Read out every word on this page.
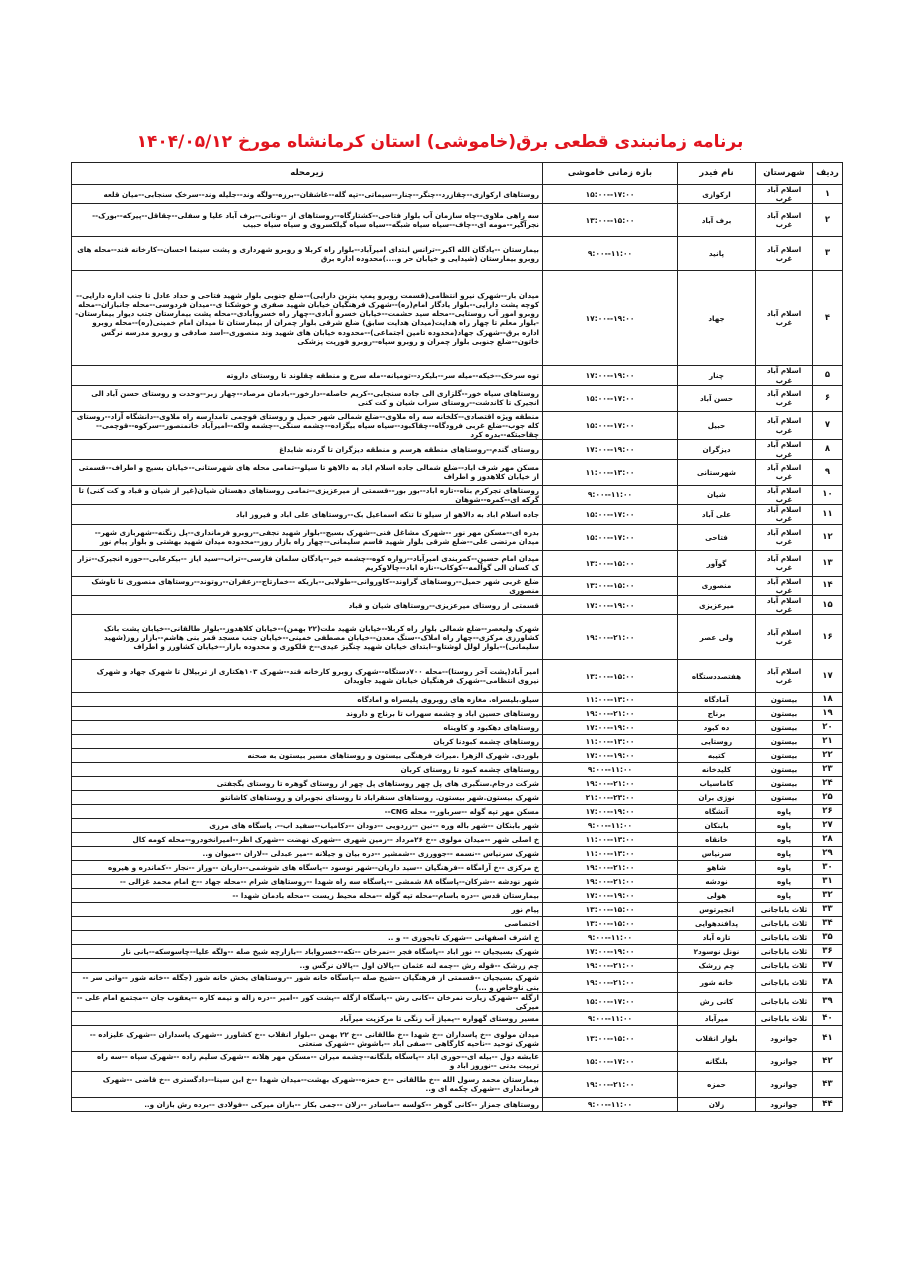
برنامه زمانبندی قطعی برق(خاموشی) استان کرمانشاه مورخ ۱۴۰۴/۰۵/۱۲
ردیف	شهرستان	نام فیدر	بازه زمانی خاموشی	زیرمحله
۱	اسلام آباد غرب	ارکوازی	۱۵:۰۰--۱۷:۰۰	روستاهای ارکوازی--چقازرد--چنگر--چنار--سیماتی--تپه گله--غاشقان--برزه--ولگه وند--جلیله وند--سرخک سنجابی--میان قلعه
۲	اسلام آباد غرب	برف آباد	۱۳:۰۰--۱۵:۰۰	سه راهی ملاوی--چاه سازمان آب بلوار فتاحی--کشتارگاه--روستاهای از --وناتی--برف آباد علیا و سفلی--چقاقل--پیرکه--بورک--نجرآگیر--مومه ای--چاف--سیاه سیاه شبگه--سیاه سیاه گیلکسروی و سیاه سیاه حبیب
۳	اسلام آباد غرب	پانید	۹:۰۰--۱۱:۰۰	بیمارستان --یادگان الله اکبر--ترانس ابتدای امیرآباد--بلوار راه کربلا و روبرو شهرداری و پشت سینما احسان--کارخانه قند--محله های روبرو بیمارستان (شیدایی و خیابان حر و....)محدوده اداره برق
۴	اسلام آباد غرب	جهاد	۱۷:۰۰--۱۹:۰۰	میدان بار--شهرک نیرو انتظامی(قسمت روبرو پمپ بنزین دارایی)--ضلع جنوبی بلوار شهید فتاحی و حداد عادل تا جنب اداره دارایی--کوچه پشت دارایی--بلوار یادگار امام(ره)--شهرک فرهنگیان خیابان شهید صفری و خوشکنا ی--میدان فردوسی--محله جانبازان--محله روبرو امور آب روستایی--محله سید حشمت--خیابان خسرو آبادی--چهار راه خسروآبادی--محله پشت بیمارستان جنب دیوار بیمارستان--بلوار معلم تا چهار راه هدایت(میدان هدایت سابق) ضلع شرقی بلوار چمران از بیمارستان تا میدان امام خمینی(ره)--محله روبرو اداره برق--شهرک جهاد(محدوده تامین اجتماعی)--محدوده خیابان های شهید وند منصوری--اسد صادقی و روبرو مدرسه نرگس خاتون--ضلع جنوبی بلوار چمران و روبرو سپاه--روبرو فوریت پزشکی
۵	اسلام آباد غرب	چنار	۱۷:۰۰--۱۹:۰۰	توه سرخک--خیکه--میله سر--بلیکرد--تومیانه--مله سرخ و منطقه چقلوند تا روستای داروته
۶	اسلام آباد غرب	حسن آباد	۱۵:۰۰--۱۷:۰۰	روستاهای سیاه خور--گلزاری الی جاده سنجابی--کریم حاصله--دارخور--بادمان مرصاد--چهار زبر--وحدت و روستای حسن آباد الی انجیرک تا کاندشت--روستای سراب شیان و کت کنی
۷	اسلام آباد غرب	حبیل	۱۵:۰۰--۱۷:۰۰	منطقه ویژه اقتصادی--کلخانه سه راه ملاوی--ضلع شمالی شهر حمیل و روستای قوچمی تامدارسه راه ملاوی--دانشگاه آزاد--روستای کله جوب--ضلع غربی فرودگاه--چقاکبود--سیاه سیاه بیگزاده--چشمه سنگی--چشمه ولکه--امیرآباد خانمنصور--سرکوه--قوچمی--چقاحبتکه--بدره کرد
۸	اسلام آباد غرب	دیزگران	۱۷:۰۰--۱۹:۰۰	روستای گندم--روستاهای منطقه هرسم و منطقه دیزگران تا گردنه شابداغ
۹	اسلام آباد غرب	شهرستانی	۱۱:۰۰--۱۳:۰۰	مسکن مهر شرف اباد--ضلع شمالی جاده اسلام اباد به دالاهو تا سیلو--تمامی محله های شهرستانی--خیابان بسیج و اطراف--قسمتی از خیابان کلاهدوز و اطراف
۱۰	اسلام آباد غرب	شیان	۹:۰۰--۱۱:۰۰	روستاهای تجرکرم بناه--تازه اباد--بور بور--قسمتی از میرعزیزی--تمامی روستاهای دهستان شیان(غیر از شیان و قباد و کت کنی) تا گرکه ای--کمره--شوهان
۱۱	اسلام آباد غرب	علی آباد	۱۵:۰۰--۱۷:۰۰	جاده اسلام اباد به دالاهو از سیلو تا تنکه اسماعیل بک--روستاهای علی اباد و فیروز اباد
۱۲	اسلام آباد غرب	فتاحی	۱۵:۰۰--۱۷:۰۰	بدره ای--مسکن مهر نور --شهرک مشاغل فنی--شهرک بسیج--بلوار شهید نجفی--روبرو فرمانداری--پل زنگنه--شهربازی شهر--میدان مرتضی علی--ضلع شرقی بلوار شهید قاسم سلیمانی--چهار راه بازار روز--محدوده میدان شهید بهشتی و بلوار پیام نور
۱۳	اسلام آباد غرب	گوآور	۱۳:۰۰--۱۵:۰۰	میدان امام حسین--کمربندی امیرآباد--زواره کوه--چشمه خیر--پادگان سلمان فارسی--تراب--سید ایاز --بیکرعابی--حوزه انجیرک--نزار ک کسان الی گوآلمه--کوکاب--نازه اباد--چالاوکریم
۱۴	اسلام آباد غرب	منصوری	۱۳:۰۰--۱۵:۰۰	ضلع غربی شهر حمیل--روستاهای گراوند--کاوروانی--طولابی--باریکه --خمارتاج--زعفران--روتوند--روستاهای منصوری تا تاوشک منصوری
۱۵	اسلام آباد غرب	میرعزیزی	۱۷:۰۰--۱۹:۰۰	قسمتی از روستای میرعزیزی--روستاهای شیان و قباد
۱۶	اسلام آباد غرب	ولی عصر	۱۹:۰۰--۲۱:۰۰	شهرک ولیعصر--ضلع شمالی بلوار راه کربلا--خیابان شهید ملت(۲۲ بهمن)--خیابان کلاهدوز--بلوار طالقانی--خیابان پشت بانک کشاورزی مرکزی--چهار راه املاک--سنگ معدن--خیابان مصطفی خمینی--خیابان جنب مسجد قمر بنی هاشم--بازار روز(شهید سلیمانی)--بلوار لولل لوشتاو--ابتدای خیابان شهید چنگیز عیدی--خ فلکوری و محدوده بازار--خیابان کشاورز و اطراف
۱۷	اسلام آباد غرب	هفتصددستگاه	۱۳:۰۰--۱۵:۰۰	امیر آباد(پشت آخر روستا)--محله ۷۰۰دستگاه--شهرک روبرو کارخانه قند--شهرک ۱۰۳هکتاری از تربیلال تا شهرک جهاد و شهرک نیروی انتظامی--شهرک فرهنگیان خیابان شهید جاویدان
۱۸	بیستون	آمادگاه	۱۱:۰۰--۱۳:۰۰	سیلو.بلیسراه. مغازه های روبروی پلیسراه و امادگاه
۱۹	بیستون	برناج	۱۹:۰۰--۲۱:۰۰	روستاهای حسین اباد و چشمه سهراب تا برناج و داروند
۲۰	بیستون	ده کبود	۱۷:۰۰--۱۹:۰۰	روستاهای دهکبود و کاویناه
۲۱	بیستون	روستایی	۱۱:۰۰--۱۳:۰۰	روستاهای چشمه کبودنا کربان
۲۲	بیستون	کتیبه	۱۷:۰۰--۱۹:۰۰	بلوردی. شهرک الزهرا .میراث فرهنگی بیستون و روستاهای مسیر بیستون به صحنه
۲۳	بیستون	کلیدخانه	۹:۰۰--۱۱:۰۰	روستاهای چشمه کبود تا روستای کربان
۲۴	بیستون	کاماسیاب	۱۹:۰۰--۲۱:۰۰	شرکت درجام.سنگبری های پل چهر روستاهای پل چهر از روستای گوهره تا روستای بگجفتی
۲۵	بیستون	نوژی بران	۲۱:۰۰--۲۳:۰۰	شهرک بیستون.شهر بیستون. روستاهای سنقراباد تا روستای نجوبران و روستاهای کاشانتو
۲۶	پاوه	آتشگاه	۱۷:۰۰--۱۹:۰۰	مسکن مهر تپه گوله --سرباور-- محله CNG--
۲۷	پاوه	بابنکان	۹:۰۰--۱۱:۰۰	شهر بابنکان --شهر باله وره --نین --زردویی --دودان --دکامیاب--سفید اب--. پاسگاه های مرزی
۲۸	پاوه	خانقاه	۱۱:۰۰--۱۳:۰۰	خ اصلی شهر --میدان مولوی --خ ۲۶مرداد --زمین شهری --شهرک نهضت --شهرک اظر--امیرانخودرو--محله کومه کال
۲۹	پاوه	سرنیاس	۱۱:۰۰--۱۳:۰۰	شهرک سرنیاس --نسمه --جوورزی --شمشیر --دره بیان و جیلانه --میر عبدلی --لاران --میوان و..
۳۰	پاوه	شاهو	۱۹:۰۰--۲۱:۰۰	خ مرکزی --خ آرامگاه --فرهنگیان --سید داریان--شهر نوسود --پاسگاه های شوشمی--داریان --وراز --نجار --کماندره و هیروه
۳۱	پاوه	نودشه	۱۹:۰۰--۲۱:۰۰	شهر نودشه --شرکان--پاسگاه ۸۸ شمشی --پاسگاه سه راه شهدا --روستاهای شرام --محله جهاد --خ امام محمد غزالی --
۳۲	پاوه	هولی	۱۷:۰۰--۱۹:۰۰	بیمارستان قدس --دره باسام--محله تپه گوله --محله محیط زیست --محله بادمان شهدا --
۳۳	ثلاث باباجانی	انجیرتوس	۱۳:۰۰--۱۵:۰۰	پیام نور
۳۴	ثلاث باباجانی	پدافندهوایی	۱۳:۰۰--۱۵:۰۰	اختصاصی
۳۵	ثلاث باباجانی	تازه آباد	۹:۰۰--۱۱:۰۰	خ اشرف اصفهانی --شهرک تایجوزی -- و ..
۳۶	ثلاث باباجانی	نونل نوسود۲	۱۷:۰۰--۱۹:۰۰	شهرک بسیجیان -- نور اباد --پاسگاه فجر --نمرخان --تکه--خسرواباد --بازارچه شیخ صله --ولگه علیا--چاسوسکه--بانی نار
۳۷	ثلاث باباجانی	چم زرشک	۱۹:۰۰--۲۱:۰۰	چم زرشک --قوله رش --چمه لنه عثمان --پالان اول --پالان نرگس و..
۳۸	ثلاث باباجانی	خانه شور	۱۹:۰۰--۲۱:۰۰	شهرک بسیجیان --قسمتی از فرهنگیان --شیخ صله --پاسگاه خانه شور --روستاهای بخش خانه شور (جگله --خانه شور --وانی سر --بنی ناوخاص و ...)
۳۹	ثلاث باباجانی	کانی رش	۱۵:۰۰--۱۷:۰۰	ازگله --شهرک زیارت نمرخان --کانی رش --پاسگاه ازگله --پشت کور --امیر --دره زاله و نیمه کاره --یعقوب جان --مجتمع امام علی --میرکی
۴۰	ثلاث باباجانی	میرآباد	۹:۰۰--۱۱:۰۰	مسیر روستای گهواره --پمپاژ آب زنگی تا مرکزیت میرآباد
۴۱	جوانرود	بلوار انقلاب	۱۳:۰۰--۱۵:۰۰	میدان مولوی --خ پاسداران --خ شهدا --خ طالقانی --خ ۲۲ بهمن --بلوار انقلاب --خ کشاورز --شهرک پاسداران --شهرک علیزاده --شهرک توحید --ناحیه کارگاهی --صفی اباد --باشوش --شهرک صنعتی
۴۲	جوانرود	بلنگانه	۱۵:۰۰--۱۷:۰۰	عابشه دول --بیله ای--حوری اباد --پاسگاه بلنگانه--چشمه میران --مسکن مهر هلانه --شهرک سلیم زاده --شهرک سپاه --سه راه تربیت بدنی --نوروز اباد و
۴۳	جوانرود	حمزه	۱۹:۰۰--۲۱:۰۰	بیمارستان محمد رسول الله --خ طالقانی --خ حمزه--شهرک بهشت--میدان شهدا --خ ابن سینا--دادگستری --خ قاضی --شهرک فرمانداری --شهرک چکمه ای و..
۴۴	جوانرود	زلان	۹:۰۰--۱۱:۰۰	روستاهای جمزار --کانی گوهر --کولسه --ماسادر --زلان --جمی بکار --بازان میرکی --فولادی --برده رش بازان و..
